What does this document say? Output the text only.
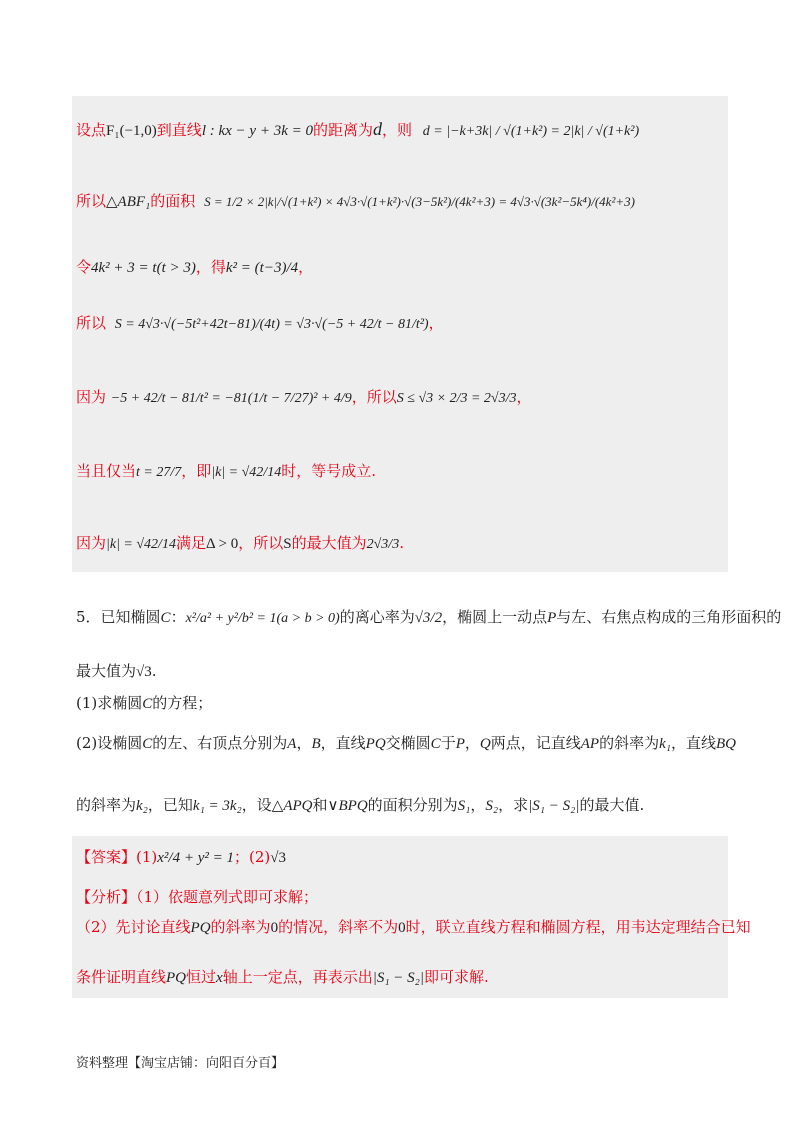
设点F₁(−1,0)到直线l : kx − y + 3k = 0的距离为d，则 d = |−k+3k| / √(1+k²) = 2|k| / √(1+k²)
所以△ABF₁的面积 S = 1/2 × 2|k|/√(1+k²) × 4√3·√(1+k²)·√(3−5k²)/(4k²+3) = 4√3·√(3k²−5k⁴)/(4k²+3)
令4k² + 3 = t(t > 3)，得k² = (t−3)/4，
所以 S = 4√3·√(−5t²+42t−81)/(4t) = √3·√(−5 + 42/t − 81/t²)，
因为 −5 + 42/t − 81/t² = −81(1/t − 7/27)² + 4/9，所以S ≤ √3 × 2/3 = 2√3/3，
当且仅当t = 27/7，即|k| = √42/14时，等号成立.
因为|k| = √42/14满足Δ > 0，所以S的最大值为2√3/3.
5．已知椭圆C：x²/a² + y²/b² = 1(a > b > 0)的离心率为√3/2，椭圆上一动点P与左、右焦点构成的三角形面积的
最大值为√3.
(1)求椭圆C的方程；
(2)设椭圆C的左、右顶点分别为A，B，直线PQ交椭圆C于P，Q两点，记直线AP的斜率为k₁，直线BQ
的斜率为k₂，已知k₁ = 3k₂，设△APQ和∨BPQ的面积分别为S₁，S₂，求|S₁ − S₂|的最大值.
【答案】(1)x²/4 + y² = 1；(2)√3
【分析】（1）依题意列式即可求解；
（2）先讨论直线PQ的斜率为0的情况，斜率不为0时，联立直线方程和椭圆方程，用韦达定理结合已知
条件证明直线PQ恒过x轴上一定点，再表示出|S₁ − S₂|即可求解.
资料整理【淘宝店铺：向阳百分百】
